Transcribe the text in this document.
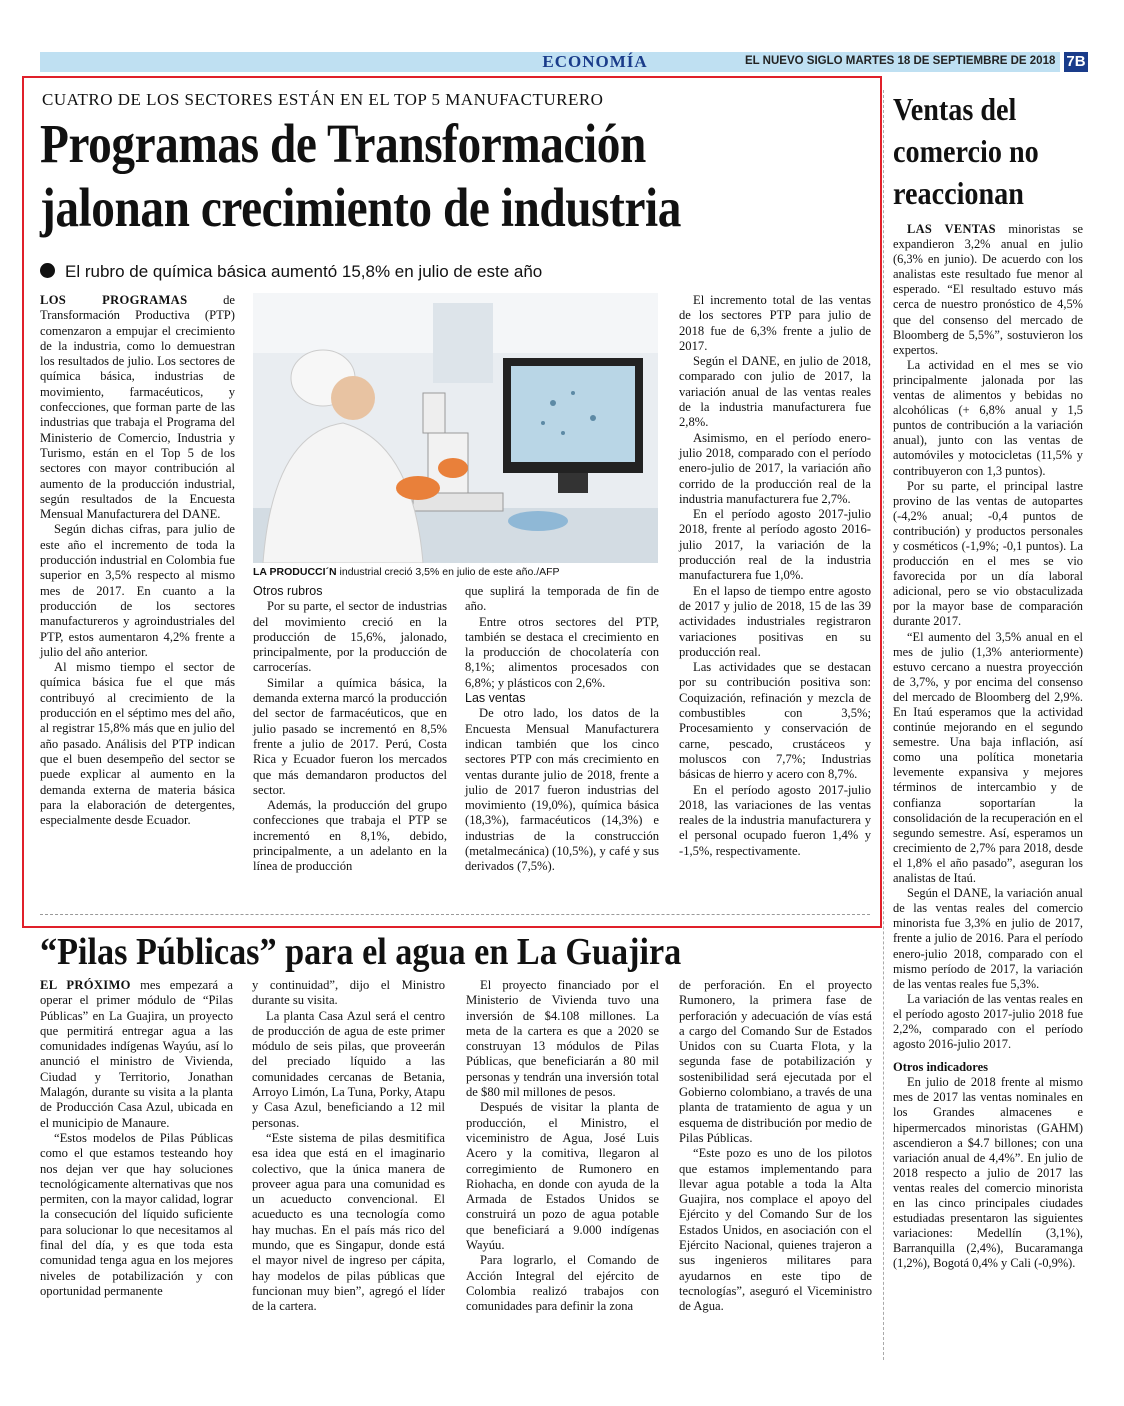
ECONOMÍA	EL NUEVO SIGLO MARTES 18 DE SEPTIEMBRE DE 2018 7B
CUATRO DE LOS SECTORES ESTÁN EN EL TOP 5 MANUFACTURERO
Programas de Transformación jalonan crecimiento de industria
El rubro de química básica aumentó 15,8% en julio de este año

LOS PROGRAMAS de Transformación Productiva (PTP) comenzaron a empujar el crecimiento de la industria, como lo demuestran los resultados de julio. Los sectores de química básica, industrias de movimiento, farmacéuticos, y confecciones, que forman parte de las industrias que trabaja el Programa del Ministerio de Comercio, Industria y Turismo, están en el Top 5 de los sectores con mayor contribución al aumento de la producción industrial, según resultados de la Encuesta Mensual Manufacturera del DANE.

Según dichas cifras, para julio de este año el incremento de toda la producción industrial en Colombia fue superior en 3,5% respecto al mismo mes de 2017. En cuanto a la producción de los sectores manufactureros y agroindustriales del PTP, estos aumentaron 4,2% frente a julio del año anterior.

Al mismo tiempo el sector de química básica fue el que más contribuyó al crecimiento de la producción en el séptimo mes del año, al registrar 15,8% más que en julio del año pasado. Análisis del PTP indican que el buen desempeño del sector se puede explicar al aumento en la demanda externa de materia básica para la elaboración de detergentes, especialmente desde Ecuador.

LA PRODUCCI´N industrial creció 3,5% en julio de este año./AFP

Otros rubros

Por su parte, el sector de industrias del movimiento creció en la producción de 15,6%, jalonado, principalmente, por la producción de carrocerías.

Similar a química básica, la demanda externa marcó la producción del sector de farmacéuticos, que en julio pasado se incrementó en 8,5% frente a julio de 2017. Perú, Costa Rica y Ecuador fueron los mercados que más demandaron productos del sector.

Además, la producción del grupo confecciones que trabaja el PTP se incrementó en 8,1%, debido, principalmente, a un adelanto en la línea de producción

que suplirá la temporada de fin de año.

Entre otros sectores del PTP, también se destaca el crecimiento en la producción de chocolatería con 8,1%; alimentos procesados con 6,8%; y plásticos con 2,6%.

Las ventas

De otro lado, los datos de la Encuesta Mensual Manufacturera indican también que los cinco sectores PTP con más crecimiento en ventas durante julio de 2018, frente a julio de 2017 fueron industrias del movimiento (19,0%), química básica (18,3%), farmacéuticos (14,3%) e industrias de la construcción (metalmecánica) (10,5%), y café y sus derivados (7,5%).

El incremento total de las ventas de los sectores PTP para julio de 2018 fue de 6,3% frente a julio de 2017.

Según el DANE, en julio de 2018, comparado con julio de 2017, la variación anual de las ventas reales de la industria manufacturera fue 2,8%.

Asimismo, en el período enero-julio 2018, comparado con el período enero-julio de 2017, la variación año corrido de la producción real de la industria manufacturera fue 2,7%.

En el período agosto 2017-julio 2018, frente al período agosto 2016-julio 2017, la variación de la producción real de la industria manufacturera fue 1,0%.

En el lapso de tiempo entre agosto de 2017 y julio de 2018, 15 de las 39 actividades industriales registraron variaciones positivas en su producción real.

Las actividades que se destacan por su contribución positiva son: Coquización, refinación y mezcla de combustibles con 3,5%; Procesamiento y conservación de carne, pescado, crustáceos y moluscos con 7,7%; Industrias básicas de hierro y acero con 8,7%.

En el período agosto 2017-julio 2018, las variaciones de las ventas reales de la industria manufacturera y el personal ocupado fueron 1,4% y -1,5%, respectivamente.

“Pilas Públicas” para el agua en La Guajira

EL PRÓXIMO mes empezará a operar el primer módulo de “Pilas Públicas” en La Guajira, un proyecto que permitirá entregar agua a las comunidades indígenas Wayúu, así lo anunció el ministro de Vivienda, Ciudad y Territorio, Jonathan Malagón, durante su visita a la planta de Producción Casa Azul, ubicada en el municipio de Manaure.

“Estos modelos de Pilas Públicas como el que estamos testeando hoy nos dejan ver que hay soluciones tecnológicamente alternativas que nos permiten, con la mayor calidad, lograr la consecución del líquido suficiente para solucionar lo que necesitamos al final del día, y es que toda esta comunidad tenga agua en los mejores niveles de potabilización y con oportunidad permanente

y continuidad”, dijo el Ministro durante su visita.

La planta Casa Azul será el centro de producción de agua de este primer módulo de seis pilas, que proveerán del preciado líquido a las comunidades cercanas de Betania, Arroyo Limón, La Tuna, Porky, Atapu y Casa Azul, beneficiando a 12 mil personas.

“Este sistema de pilas desmitifica esa idea que está en el imaginario colectivo, que la única manera de proveer agua para una comunidad es un acueducto convencional. El acueducto es una tecnología como hay muchas. En el país más rico del mundo, que es Singapur, donde está el mayor nivel de ingreso per cápita, hay modelos de pilas públicas que funcionan muy bien”, agregó el líder de la cartera.

El proyecto financiado por el Ministerio de Vivienda tuvo una inversión de $4.108 millones. La meta de la cartera es que a 2020 se construyan 13 módulos de Pilas Públicas, que beneficiarán a 80 mil personas y tendrán una inversión total de $80 mil millones de pesos.

Después de visitar la planta de producción, el Ministro, el viceministro de Agua, José Luis Acero y la comitiva, llegaron al corregimiento de Rumonero en Riohacha, en donde con ayuda de la Armada de Estados Unidos se construirá un pozo de agua potable que beneficiará a 9.000 indígenas Wayúu.

Para lograrlo, el Comando de Acción Integral del ejército de Colombia realizó trabajos con comunidades para definir la zona

de perforación. En el proyecto Rumonero, la primera fase de perforación y adecuación de vías está a cargo del Comando Sur de Estados Unidos con su Cuarta Flota, y la segunda fase de potabilización y sostenibilidad será ejecutada por el Gobierno colombiano, a través de una planta de tratamiento de agua y un esquema de distribución por medio de Pilas Públicas.

“Este pozo es uno de los pilotos que estamos implementando para llevar agua potable a toda la Alta Guajira, nos complace el apoyo del Ejército y del Comando Sur de los Estados Unidos, en asociación con el Ejército Nacional, quienes trajeron a sus ingenieros militares para ayudarnos en este tipo de tecnologías”, aseguró el Viceministro de Agua.

Ventas del comercio no reaccionan

LAS VENTAS minoristas se expandieron 3,2% anual en julio (6,3% en junio). De acuerdo con los analistas este resultado fue menor al esperado. “El resultado estuvo más cerca de nuestro pronóstico de 4,5% que del consenso del mercado de Bloomberg de 5,5%”, sostuvieron los expertos.

La actividad en el mes se vio principalmente jalonada por las ventas de alimentos y bebidas no alcohólicas (+ 6,8% anual y 1,5 puntos de contribución a la variación anual), junto con las ventas de automóviles y motocicletas (11,5% y contribuyeron con 1,3 puntos).

Por su parte, el principal lastre provino de las ventas de autopartes (-4,2% anual; -0,4 puntos de contribución) y productos personales y cosméticos (-1,9%; -0,1 puntos). La producción en el mes se vio favorecida por un día laboral adicional, pero se vio obstaculizada por la mayor base de comparación durante 2017.

“El aumento del 3,5% anual en el mes de julio (1,3% anteriormente) estuvo cercano a nuestra proyección de 3,7%, y por encima del consenso del mercado de Bloomberg del 2,9%. En Itaú esperamos que la actividad continúe mejorando en el segundo semestre. Una baja inflación, así como una política monetaria levemente expansiva y mejores términos de intercambio y de confianza soportarían la consolidación de la recuperación en el segundo semestre. Así, esperamos un crecimiento de 2,7% para 2018, desde el 1,8% el año pasado”, aseguran los analistas de Itaú.

Según el DANE, la variación anual de las ventas reales del comercio minorista fue 3,3% en julio de 2017, frente a julio de 2016. Para el período enero-julio 2018, comparado con el mismo período de 2017, la variación de las ventas reales fue 5,3%.

La variación de las ventas reales en el período agosto 2017-julio 2018 fue 2,2%, comparado con el período agosto 2016-julio 2017.

Otros indicadores

En julio de 2018 frente al mismo mes de 2017 las ventas nominales en los Grandes almacenes e hipermercados minoristas (GAHM) ascendieron a $4.7 billones; con una variación anual de 4,4%”. En julio de 2018 respecto a julio de 2017 las ventas reales del comercio minorista en las cinco principales ciudades estudiadas presentaron las siguientes variaciones: Medellín (3,1%), Barranquilla (2,4%), Bucaramanga (1,2%), Bogotá 0,4% y Cali (-0,9%).
